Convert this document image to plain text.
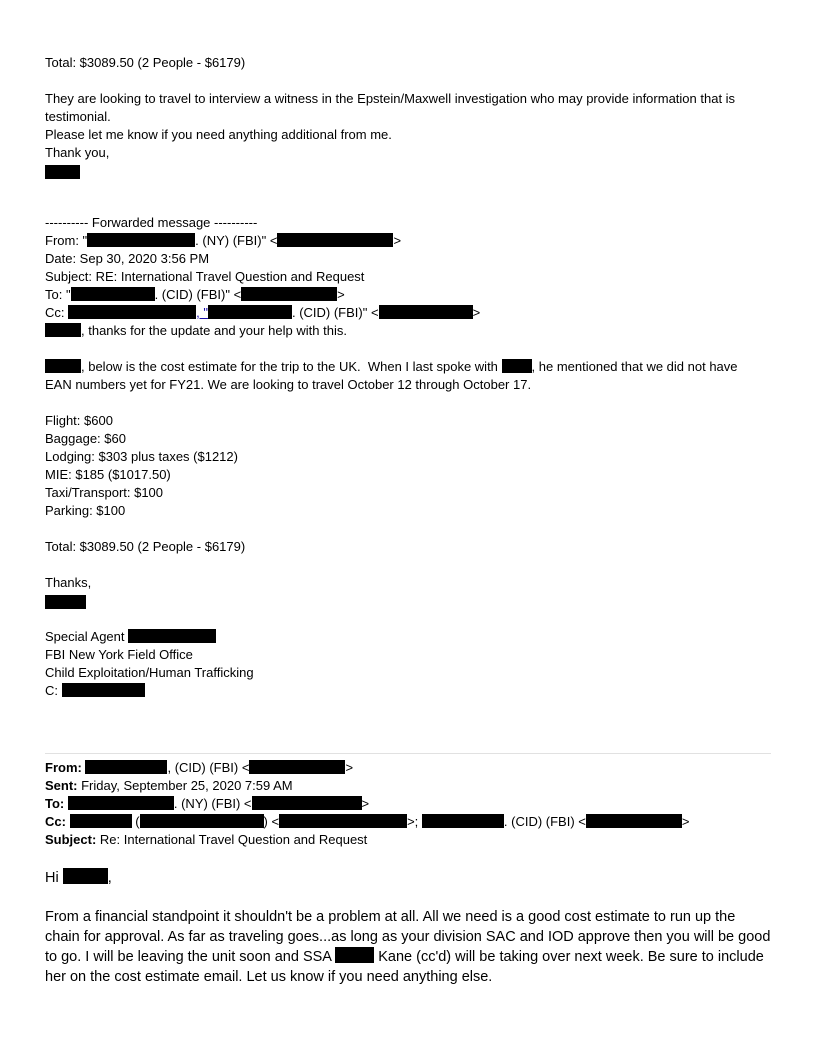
Total: $3089.50 (2 People - $6179)
They are looking to travel to interview a witness in the Epstein/Maxwell investigation who may provide information that is
testimonial.
Please let me know if you need anything additional from me.
Thank you,
---------- Forwarded message ----------
From: "	. (NY) (FBI)" <	>
Date: Sep 30, 2020 3:56 PM
Subject: RE: International Travel Question and Request
To: "	. (CID) (FBI)" <	>
Cc:	, "	. (CID) (FBI)" <	>
, thanks for the update and your help with this.
, below is the cost estimate for the trip to the UK.  When I last spoke with , he mentioned that we did not have
EAN numbers yet for FY21. We are looking to travel October 12 through October 17.
Flight: $600
Baggage: $60
Lodging: $303 plus taxes ($1212)
MIE: $185 ($1017.50)
Taxi/Transport: $100
Parking: $100
Total: $3089.50 (2 People - $6179)
Thanks,
Special Agent
FBI New York Field Office
Child Exploitation/Human Trafficking
C:
From:	, (CID) (FBI) <	>
Sent: Friday, September 25, 2020 7:59 AM
To:	. (NY) (FBI) <	>
Cc:	(	) <	>;	. (CID) (FBI) <	>
Subject: Re: International Travel Question and Request
Hi	,
From a financial standpoint it shouldn't be a problem at all. All we need is a good cost estimate to run up the
chain for approval. As far as traveling goes...as long as your division SAC and IOD approve then you will be good
to go. I will be leaving the unit soon and SSA	Kane (cc'd) will be taking over next week. Be sure to include
her on the cost estimate email. Let us know if you need anything else.
